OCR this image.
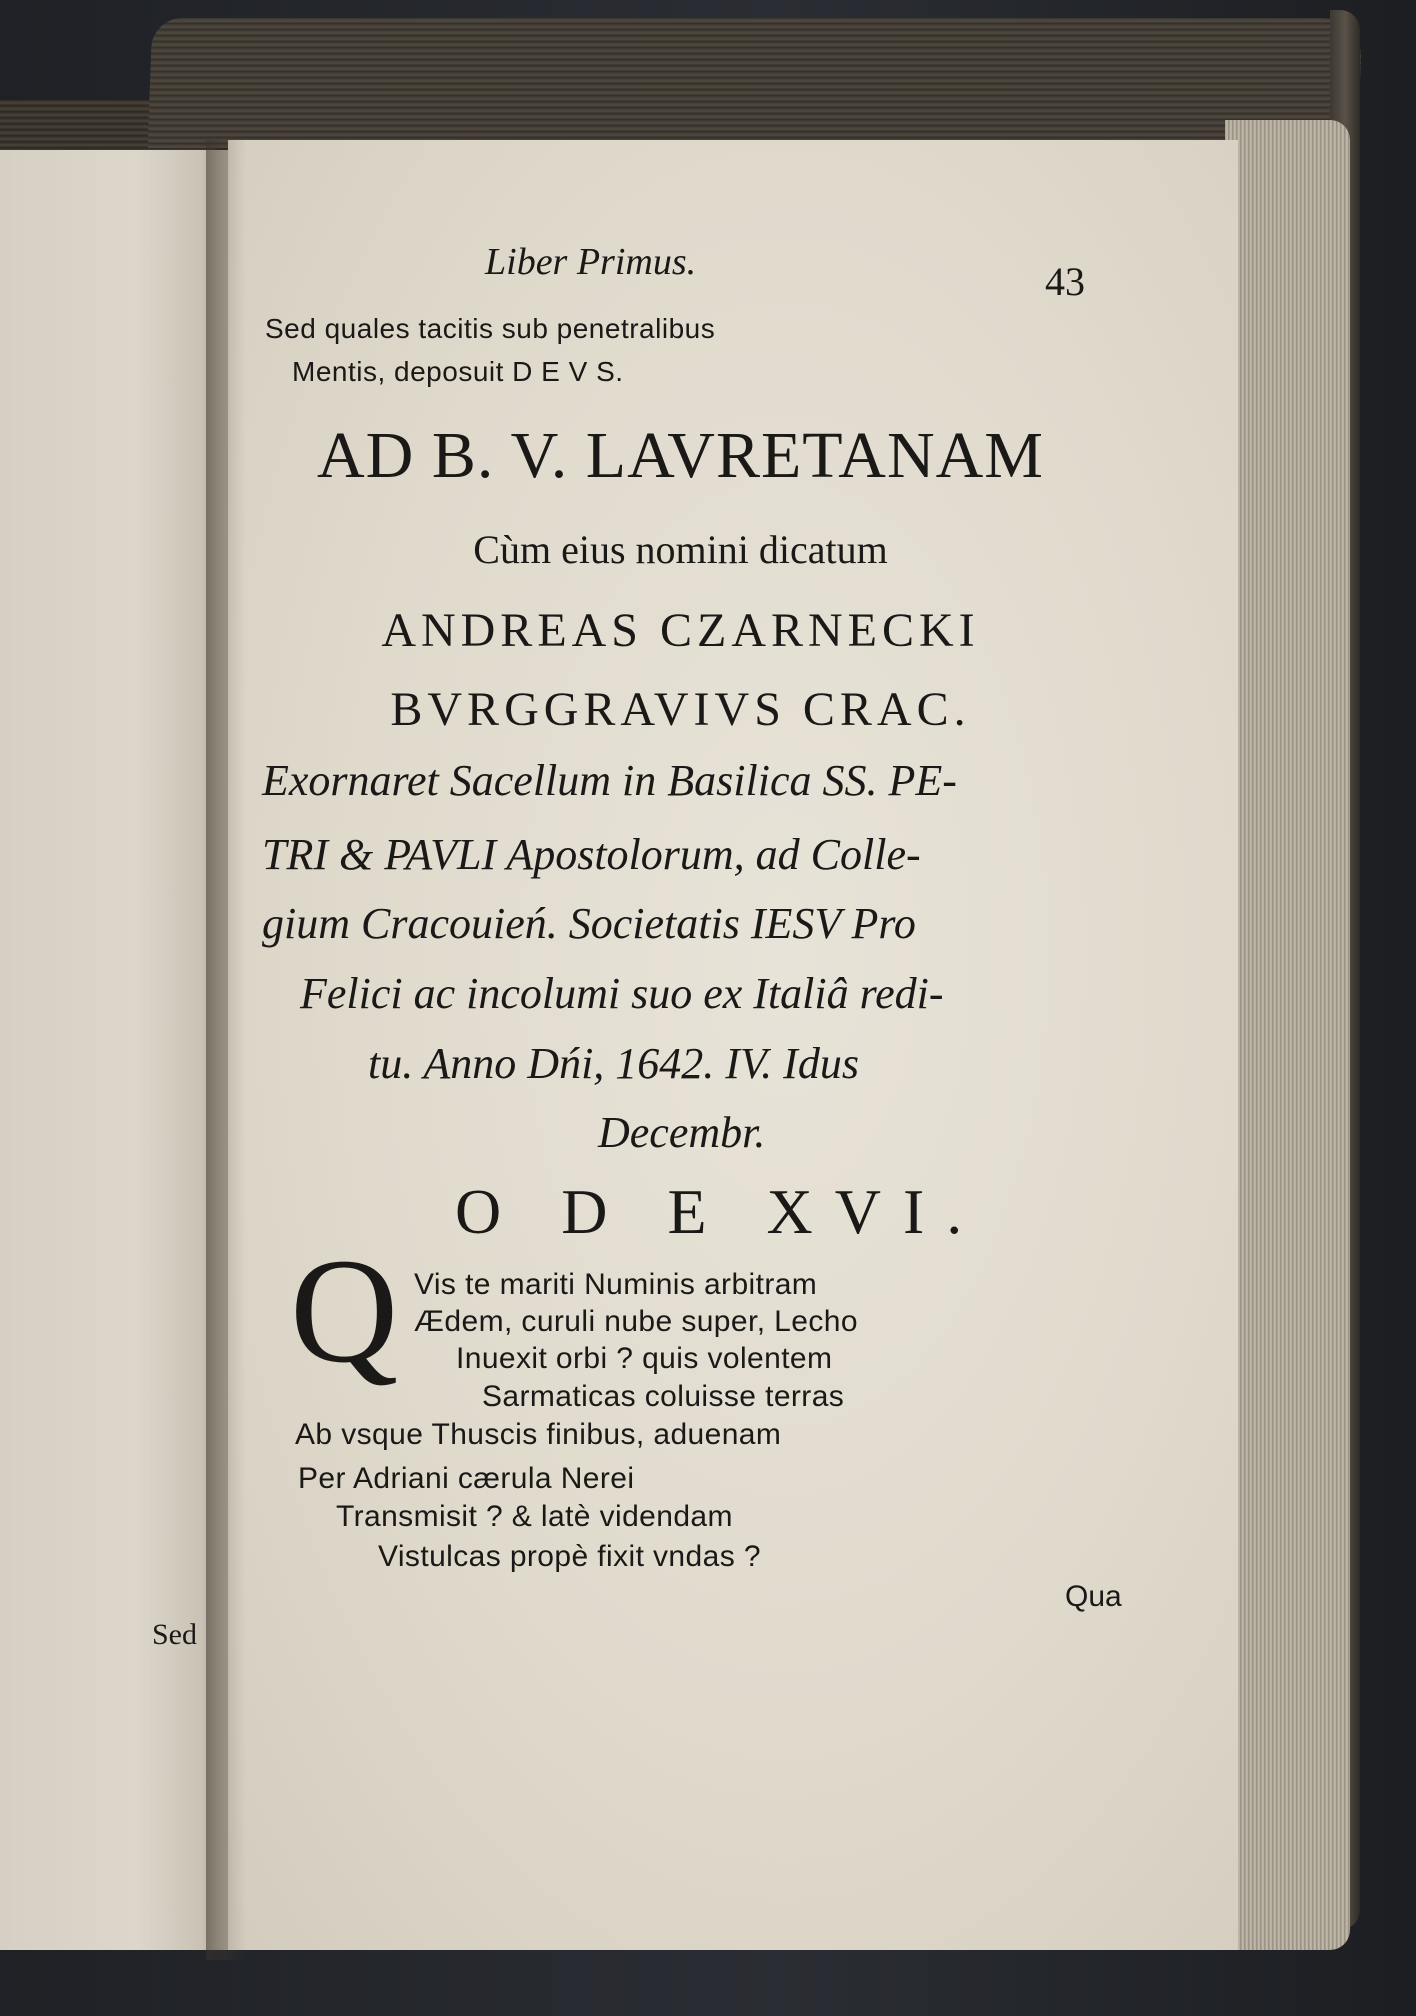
Sed
Liber Primus.	43
Sed quales tacitis sub penetralibus
Mentis, deposuit D E V S.
AD B. V. LAVRETANAM
Cùm eius nomini dicatum
ANDREAS CZARNECKI
BVRGGRAVIVS CRAC.
Exornaret Sacellum in Basilica SS. PE-
TRI & PAVLI Apostolorum, ad Colle-
gium Cracouień. Societatis IESV Pro
Felici ac incolumi suo ex Italiâ redi-
tu. Anno Dńi, 1642. IV. Idus
Decembr.
O D E XVI.
Q Vis te mariti Numinis arbitram
Ædem, curuli nube super, Lecho
Inuexit orbi ? quis volentem
Sarmaticas coluisse terras
Ab vsque Thuscis finibus, aduenam
Per Adriani cærula Nerei
Transmisit ? & latè videndam
Vistulcas propè fixit vndas ?
Qua
